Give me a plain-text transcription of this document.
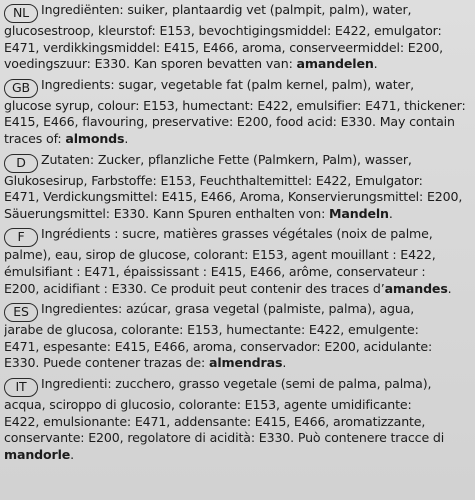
NL Ingrediënten: suiker, plantaardig vet (palmpit, palm), water,
glucosestroop, kleurstof: E153, bevochtigingsmiddel: E422, emulgator:
E471, verdikkingsmiddel: E415, E466, aroma, conserveermiddel: E200,
voedingszuur: E330. Kan sporen bevatten van: amandelen.
GB Ingredients: sugar, vegetable fat (palm kernel, palm), water,
glucose syrup, colour: E153, humectant: E422, emulsifier: E471, thickener:
E415, E466, flavouring, preservative: E200, food acid: E330. May contain
traces of: almonds.
D Zutaten: Zucker, pflanzliche Fette (Palmkern, Palm), wasser,
Glukosesirup, Farbstoffe: E153, Feuchthaltemittel: E422, Emulgator:
E471, Verdickungsmittel: E415, E466, Aroma, Konservierungsmittel: E200,
Säuerungsmittel: E330. Kann Spuren enthalten von: Mandeln.
F Ingrédients : sucre, matières grasses végétales (noix de palme,
palme), eau, sirop de glucose, colorant: E153, agent mouillant : E422,
émulsifiant : E471, épaississant : E415, E466, arôme, conservateur :
E200, acidifiant : E330. Ce produit peut contenir des traces d’amandes.
ES Ingredientes: azúcar, grasa vegetal (palmiste, palma), agua,
jarabe de glucosa, colorante: E153, humectante: E422, emulgente:
E471, espesante: E415, E466, aroma, conservador: E200, acidulante:
E330. Puede contener trazas de: almendras.
IT Ingredienti: zucchero, grasso vegetale (semi de palma, palma),
acqua, sciroppo di glucosio, colorante: E153, agente umidificante:
E422, emulsionante: E471, addensante: E415, E466, aromatizzante,
conservante: E200, regolatore di acidità: E330. Può contenere tracce di
mandorle.
